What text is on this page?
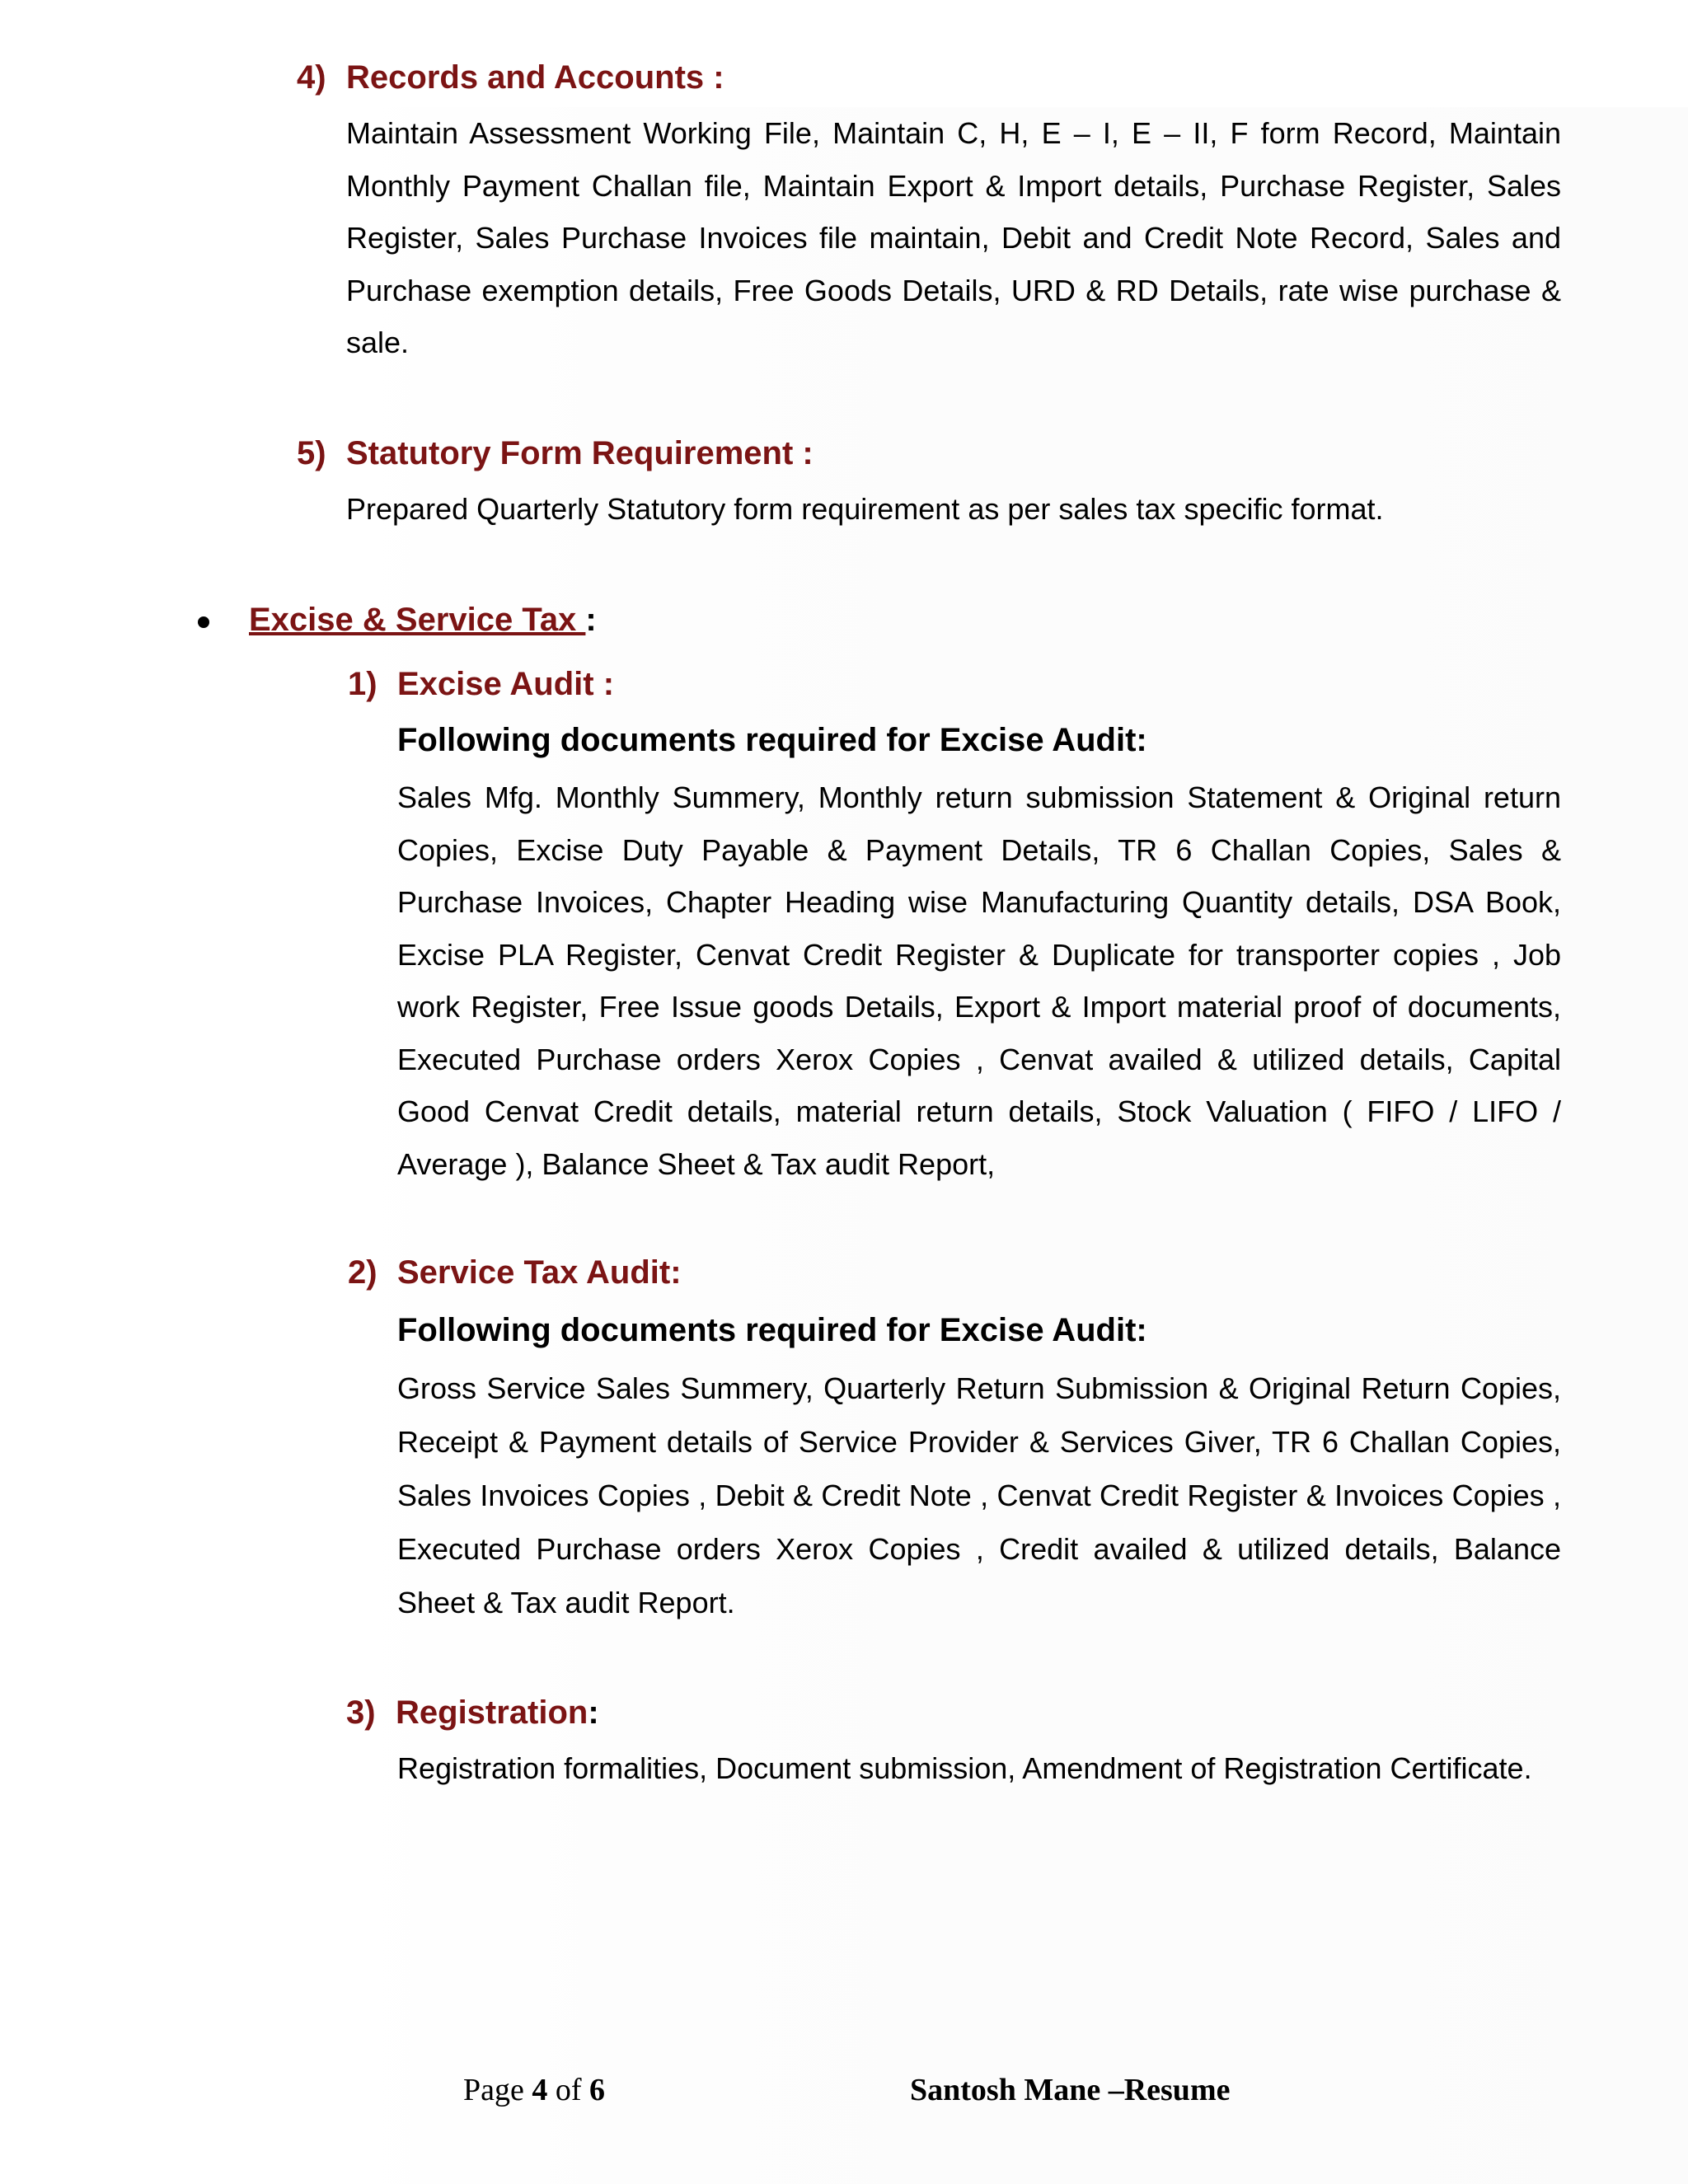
4) Records and Accounts :
Maintain Assessment Working File, Maintain C, H, E – I, E – II, F form Record, Maintain Monthly Payment Challan file, Maintain Export & Import details, Purchase Register, Sales Register, Sales Purchase Invoices file maintain, Debit and Credit Note Record, Sales and Purchase exemption details, Free Goods Details, URD & RD Details, rate wise purchase & sale.
5) Statutory Form Requirement :
Prepared Quarterly Statutory form requirement as per sales tax specific format.
Excise & Service Tax :
1) Excise Audit :
Following documents required for Excise Audit:
Sales Mfg. Monthly Summery, Monthly return submission Statement & Original return Copies, Excise Duty Payable & Payment Details, TR 6 Challan Copies, Sales & Purchase Invoices, Chapter Heading wise Manufacturing Quantity details, DSA Book, Excise PLA Register, Cenvat Credit Register & Duplicate for transporter copies , Job work Register, Free Issue goods Details, Export & Import material proof of documents, Executed Purchase orders Xerox Copies , Cenvat availed & utilized details, Capital Good Cenvat Credit details, material return details, Stock Valuation ( FIFO / LIFO / Average ), Balance Sheet & Tax audit Report,
2) Service Tax Audit:
Following documents required for Excise Audit:
Gross Service Sales Summery, Quarterly Return Submission & Original Return Copies, Receipt & Payment details of Service Provider & Services Giver, TR 6 Challan Copies, Sales Invoices Copies , Debit & Credit Note , Cenvat Credit Register & Invoices Copies , Executed Purchase orders Xerox Copies , Credit availed & utilized details, Balance Sheet & Tax audit Report.
3) Registration:
Registration formalities, Document submission, Amendment of Registration Certificate.
Page 4 of 6	Santosh Mane –Resume
